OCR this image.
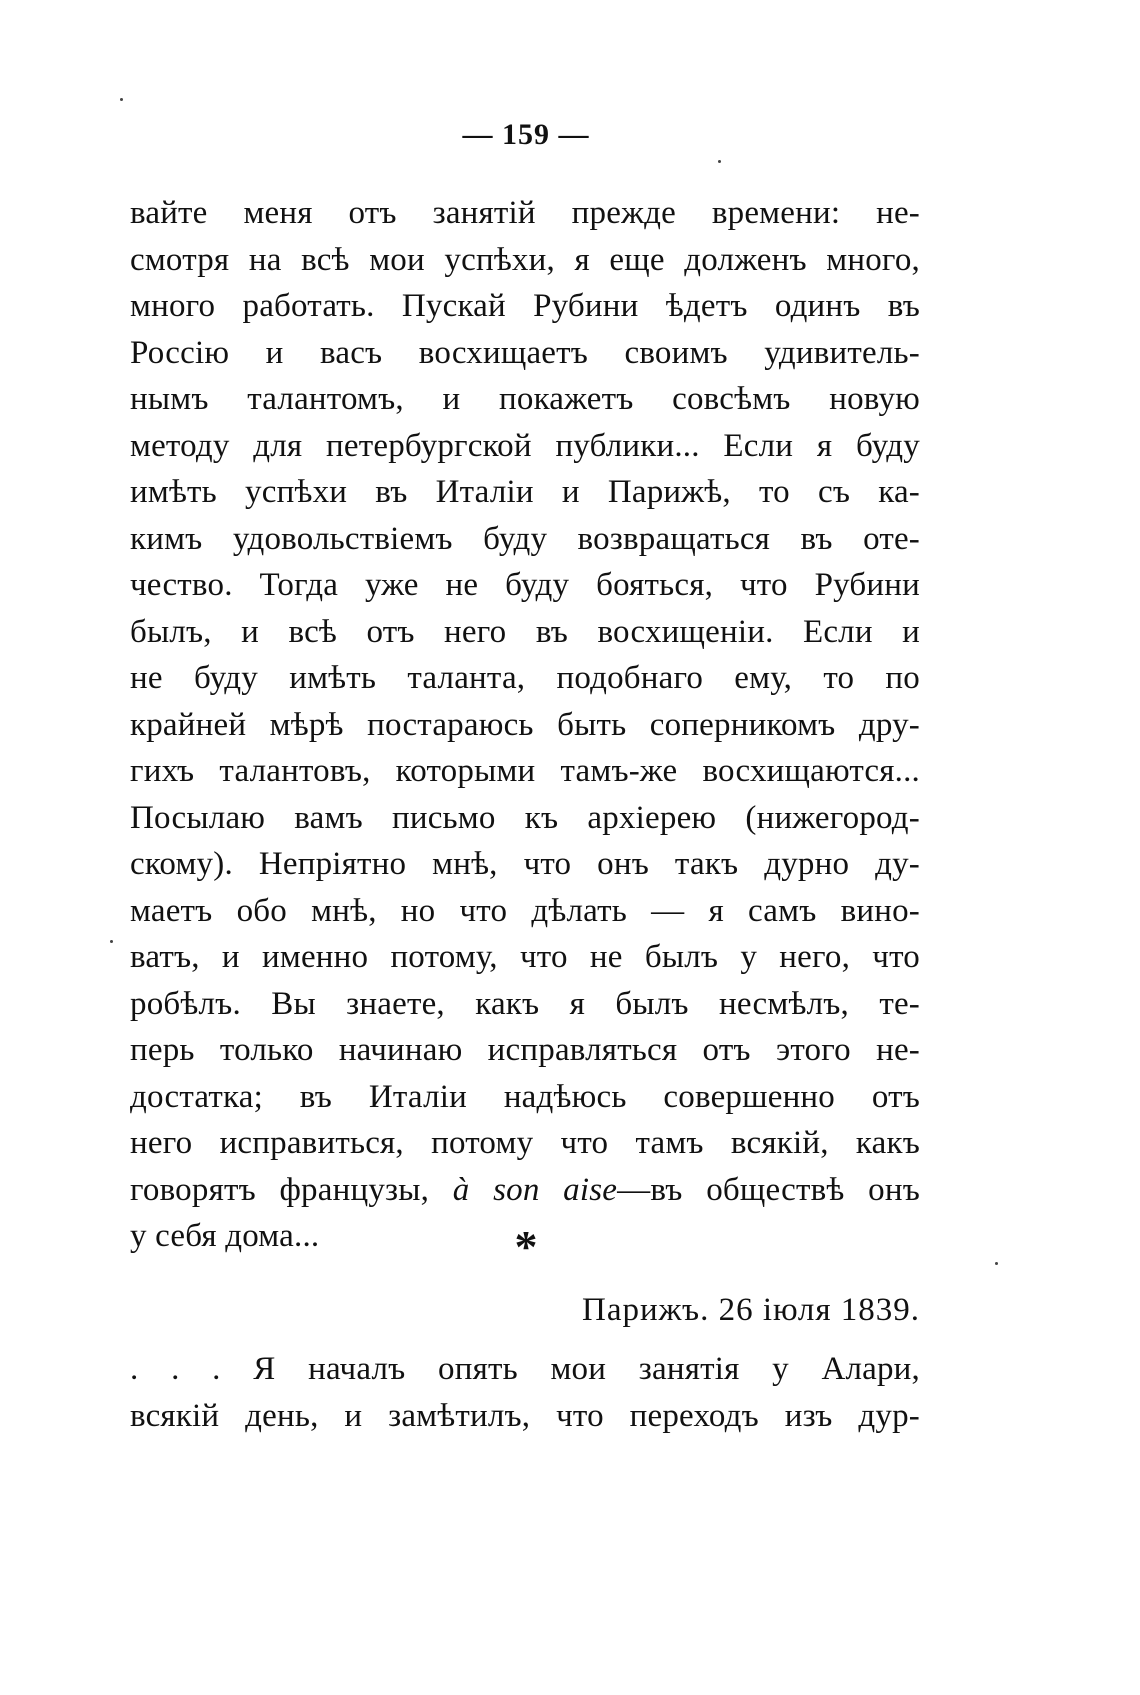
— 159 —
вайте меня отъ занятій прежде времени: не-
смотря на всѣ мои успѣхи, я еще долженъ много,
много работать. Пускай Рубини ѣдетъ одинъ въ
Россію и васъ восхищаетъ своимъ удивитель-
нымъ талантомъ, и покажетъ совсѣмъ новую
методу для петербургской публики... Если я буду
имѣть успѣхи въ Италіи и Парижѣ, то съ ка-
кимъ удовольствіемъ буду возвращаться въ оте-
чество. Тогда уже не буду бояться, что Рубини
былъ, и всѣ отъ него въ восхищеніи. Если и
не буду имѣть таланта, подобнаго ему, то по
крайней мѣрѣ постараюсь быть соперникомъ дру-
гихъ талантовъ, которыми тамъ-же восхищаются...
Посылаю вамъ письмо къ архіерею (нижегород-
скому). Непріятно мнѣ, что онъ такъ дурно ду-
маетъ обо мнѣ, но что дѣлать — я самъ вино-
ватъ, и именно потому, что не былъ у него, что
робѣлъ. Вы знаете, какъ я былъ несмѣлъ, те-
перь только начинаю исправляться отъ этого не-
достатка; въ Италіи надѣюсь совершенно отъ
него исправиться, потому что тамъ всякій, какъ
говорятъ французы, à son aise—въ обществѣ онъ
у себя дома...	*
Парижъ. 26 іюля 1839.
. . . Я началъ опять мои занятія у Алари,
всякій день, и замѣтилъ, что переходъ изъ дур-
